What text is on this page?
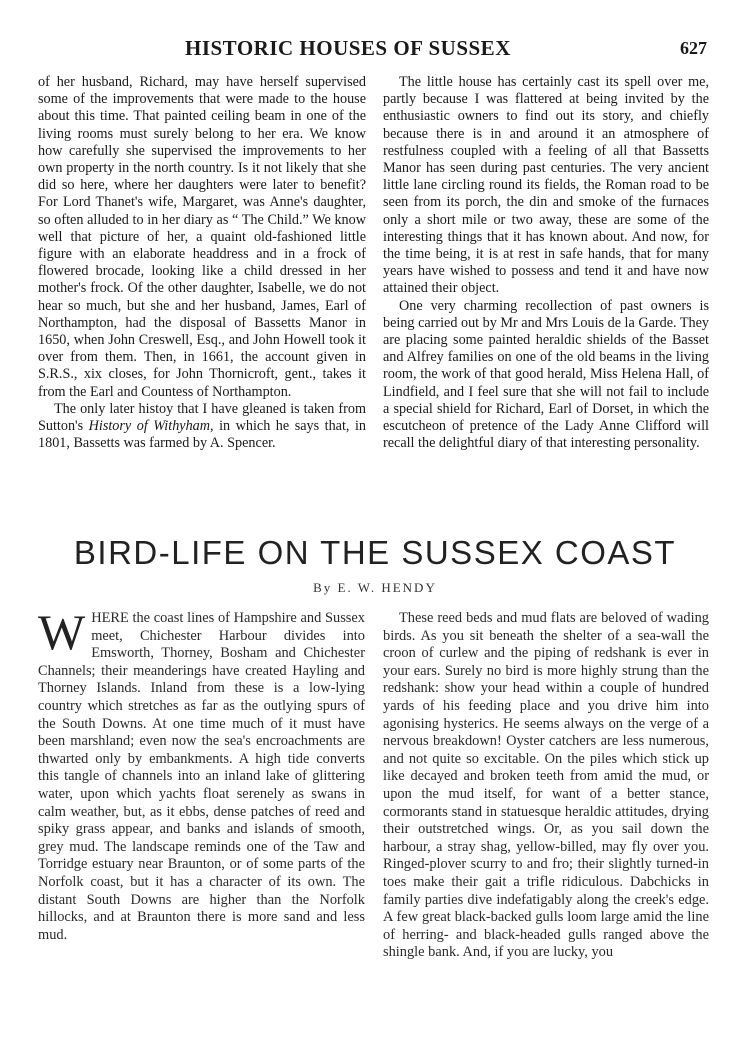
HISTORIC HOUSES OF SUSSEX	627

of her husband, Richard, may have herself supervised some of the improvements that were made to the house about this time. That painted ceiling beam in one of the living rooms must surely belong to her era. We know how carefully she supervised the improvements to her own property in the north country. Is it not likely that she did so here, where her daughters were later to benefit? For Lord Thanet's wife, Margaret, was Anne's daughter, so often alluded to in her diary as “ The Child.” We know well that picture of her, a quaint old-fashioned little figure with an elaborate headdress and in a frock of flowered brocade, looking like a child dressed in her mother's frock. Of the other daughter, Isabelle, we do not hear so much, but she and her husband, James, Earl of Northampton, had the disposal of Bassetts Manor in 1650, when John Creswell, Esq., and John Howell took it over from them. Then, in 1661, the account given in S.R.S., xix closes, for John Thornicroft, gent., takes it from the Earl and Countess of Northampton.

The only later histoy that I have gleaned is taken from Sutton's History of Withyham, in which he says that, in 1801, Bassetts was farmed by A. Spencer.

The little house has certainly cast its spell over me, partly because I was flattered at being invited by the enthusiastic owners to find out its story, and chiefly because there is in and around it an atmosphere of restfulness coupled with a feeling of all that Bassetts Manor has seen during past centuries. The very ancient little lane circling round its fields, the Roman road to be seen from its porch, the din and smoke of the furnaces only a short mile or two away, these are some of the interesting things that it has known about. And now, for the time being, it is at rest in safe hands, that for many years have wished to possess and tend it and have now attained their object.

One very charming recollection of past owners is being carried out by Mr and Mrs Louis de la Garde. They are placing some painted heraldic shields of the Basset and Alfrey families on one of the old beams in the living room, the work of that good herald, Miss Helena Hall, of Lindfield, and I feel sure that she will not fail to include a special shield for Richard, Earl of Dorset, in which the escutcheon of pretence of the Lady Anne Clifford will recall the delightful diary of that interesting personality.

BIRD-LIFE ON THE SUSSEX COAST
By E. W. HENDY

WHERE the coast lines of Hampshire and Sussex meet, Chichester Harbour divides into Emsworth, Thorney, Bosham and Chichester Channels; their meanderings have created Hayling and Thorney Islands. Inland from these is a low-lying country which stretches as far as the outlying spurs of the South Downs. At one time much of it must have been marshland; even now the sea's encroachments are thwarted only by embankments. A high tide converts this tangle of channels into an inland lake of glittering water, upon which yachts float serenely as swans in calm weather, but, as it ebbs, dense patches of reed and spiky grass appear, and banks and islands of smooth, grey mud. The landscape reminds one of the Taw and Torridge estuary near Braunton, or of some parts of the Norfolk coast, but it has a character of its own. The distant South Downs are higher than the Norfolk hillocks, and at Braunton there is more sand and less mud.

These reed beds and mud flats are beloved of wading birds. As you sit beneath the shelter of a sea-wall the croon of curlew and the piping of redshank is ever in your ears. Surely no bird is more highly strung than the redshank: show your head within a couple of hundred yards of his feeding place and you drive him into agonising hysterics. He seems always on the verge of a nervous breakdown! Oyster catchers are less numerous, and not quite so excitable. On the piles which stick up like decayed and broken teeth from amid the mud, or upon the mud itself, for want of a better stance, cormorants stand in statuesque heraldic attitudes, drying their outstretched wings. Or, as you sail down the harbour, a stray shag, yellow-billed, may fly over you. Ringed-plover scurry to and fro; their slightly turned-in toes make their gait a trifle ridiculous. Dabchicks in family parties dive indefatigably along the creek's edge. A few great black-backed gulls loom large amid the line of herring- and black-headed gulls ranged above the shingle bank. And, if you are lucky, you
